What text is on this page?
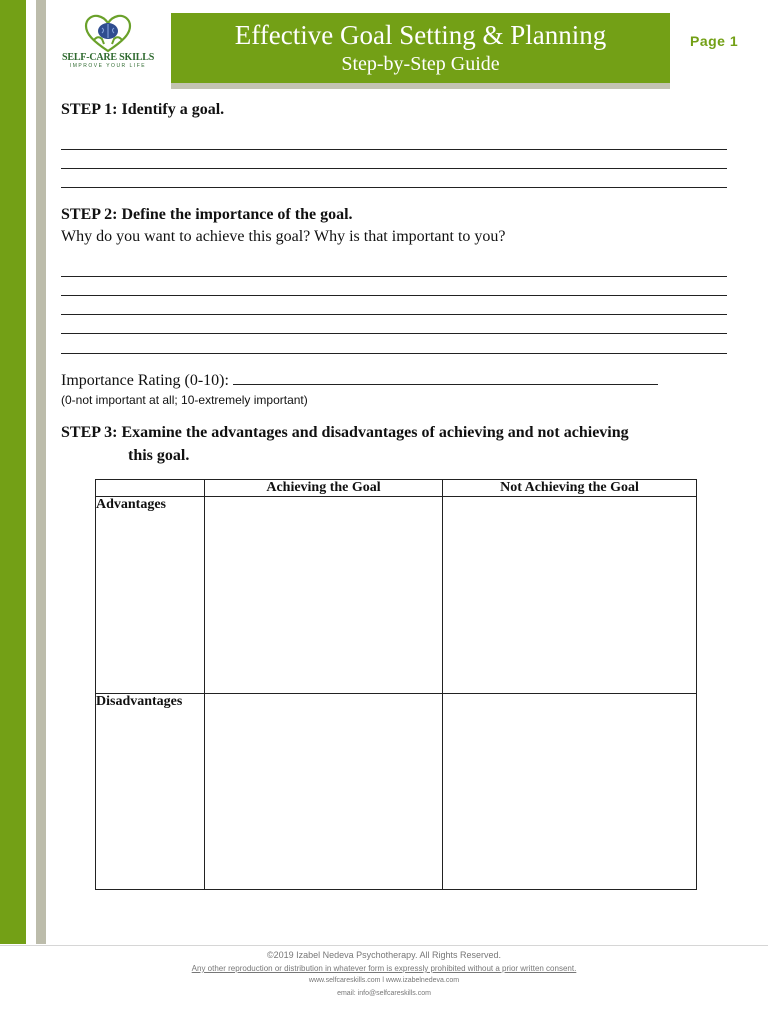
SELF-CARE SKILLS
IMPROVE YOUR LIFE
Effective Goal Setting & Planning
Step-by-Step Guide
Page 1
STEP 1: Identify a goal.
STEP 2: Define the importance of the goal.
Why do you want to achieve this goal? Why is that important to you?
Importance Rating (0-10):
(0-not important at all; 10-extremely important)
STEP 3: Examine the advantages and disadvantages of achieving and not achieving
this goal.
	Achieving the Goal	Not Achieving the Goal
Advantages		
Disadvantages		
©2019 Izabel Nedeva Psychotherapy. All Rights Reserved.
Any other reproduction or distribution in whatever form is expressly prohibited without a prior written consent.
www.selfcareskills.com l www.izabelnedeva.com
email: info@selfcareskills.com
